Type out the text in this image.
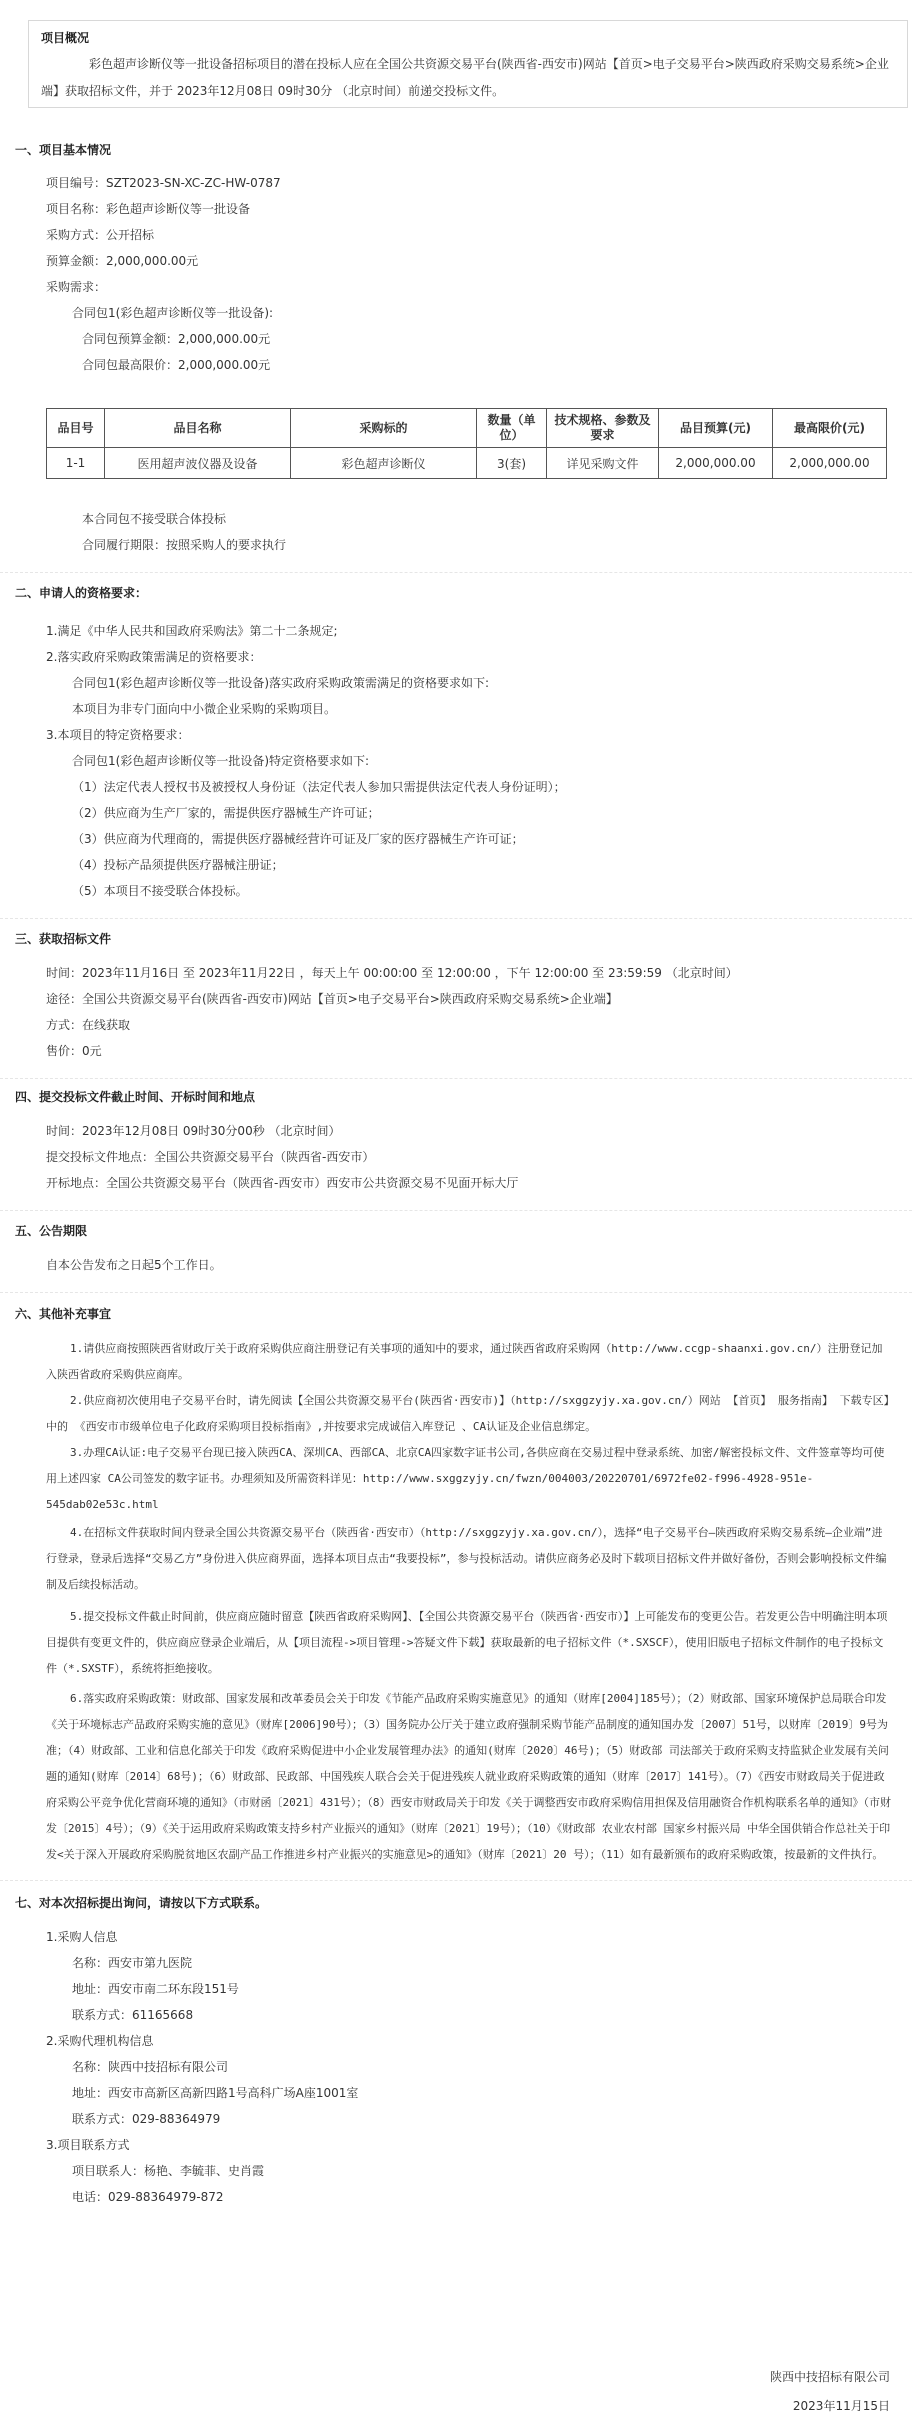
项目概况
彩色超声诊断仪等一批设备招标项目的潜在投标人应在全国公共资源交易平台(陕西省-西安市)网站【首页>电子交易平台>陕西政府采购交易系统>企业端】获取招标文件，并于 2023年12月08日 09时30分 （北京时间）前递交投标文件。
一、项目基本情况
项目编号：SZT2023-SN-XC-ZC-HW-0787
项目名称：彩色超声诊断仪等一批设备
采购方式：公开招标
预算金额：2,000,000.00元
采购需求：
合同包1(彩色超声诊断仪等一批设备):
合同包预算金额：2,000,000.00元
合同包最高限价：2,000,000.00元
品目号	品目名称	采购标的	数量（单位）	技术规格、参数及要求	品目预算(元)	最高限价(元)
1-1	医用超声波仪器及设备	彩色超声诊断仪	3(套)	详见采购文件	2,000,000.00	2,000,000.00
本合同包不接受联合体投标
合同履行期限：按照采购人的要求执行
二、申请人的资格要求：
1.满足《中华人民共和国政府采购法》第二十二条规定;
2.落实政府采购政策需满足的资格要求：
合同包1(彩色超声诊断仪等一批设备)落实政府采购政策需满足的资格要求如下:
本项目为非专门面向中小微企业采购的采购项目。
3.本项目的特定资格要求：
合同包1(彩色超声诊断仪等一批设备)特定资格要求如下:
（1）法定代表人授权书及被授权人身份证（法定代表人参加只需提供法定代表人身份证明）；
（2）供应商为生产厂家的，需提供医疗器械生产许可证；
（3）供应商为代理商的，需提供医疗器械经营许可证及厂家的医疗器械生产许可证；
（4）投标产品须提供医疗器械注册证；
（5）本项目不接受联合体投标。
三、获取招标文件
时间：2023年11月16日 至 2023年11月22日 ，每天上午 00:00:00 至 12:00:00 ，下午 12:00:00 至 23:59:59 （北京时间）
途径：全国公共资源交易平台(陕西省-西安市)网站【首页>电子交易平台>陕西政府采购交易系统>企业端】
方式：在线获取
售价：0元
四、提交投标文件截止时间、开标时间和地点
时间：2023年12月08日 09时30分00秒 （北京时间）
提交投标文件地点：全国公共资源交易平台（陕西省-西安市）
开标地点：全国公共资源交易平台（陕西省-西安市）西安市公共资源交易不见面开标大厅
五、公告期限
自本公告发布之日起5个工作日。
六、其他补充事宜
1.请供应商按照陕西省财政厅关于政府采购供应商注册登记有关事项的通知中的要求，通过陕西省政府采购网（http://www.ccgp-shaanxi.gov.cn/）注册登记加入陕西省政府采购供应商库。
2.供应商初次使用电子交易平台时，请先阅读【全国公共资源交易平台(陕西省·西安市)】（http://sxggzyjy.xa.gov.cn/）网站 【首页】 服务指南】 下载专区】中的 《西安市市级单位电子化政府采购项目投标指南》,并按要求完成诚信入库登记 、CA认证及企业信息绑定。
3.办理CA认证:电子交易平台现已接入陕西CA、深圳CA、西部CA、北京CA四家数字证书公司,各供应商在交易过程中登录系统、加密/解密投标文件、文件签章等均可使用上述四家 CA公司签发的数字证书。办理须知及所需资料详见：http://www.sxggzyjy.cn/fwzn/004003/20220701/6972fe02-f996-4928-951e-545dab02e53c.html
4.在招标文件获取时间内登录全国公共资源交易平台（陕西省·西安市）（http://sxggzyjy.xa.gov.cn/），选择“电子交易平台—陕西政府采购交易系统—企业端”进行登录，登录后选择“交易乙方”身份进入供应商界面，选择本项目点击“我要投标”，参与投标活动。请供应商务必及时下载项目招标文件并做好备份，否则会影响投标文件编制及后续投标活动。
5.提交投标文件截止时间前，供应商应随时留意【陕西省政府采购网】、【全国公共资源交易平台（陕西省·西安市）】上可能发布的变更公告。若发更公告中明确注明本项目提供有变更文件的，供应商应登录企业端后，从【项目流程->项目管理->答疑文件下载】获取最新的电子招标文件（*.SXSCF），使用旧版电子招标文件制作的电子投标文件（*.SXSTF），系统将拒绝接收。
6.落实政府采购政策：财政部、国家发展和改革委员会关于印发《节能产品政府采购实施意见》的通知（财库[2004]185号）；（2）财政部、国家环境保护总局联合印发《关于环境标志产品政府采购实施的意见》（财库[2006]90号）；（3）国务院办公厅关于建立政府强制采购节能产品制度的通知国办发〔2007〕51号，以财库〔2019〕9号为准；（4）财政部、工业和信息化部关于印发《政府采购促进中小企业发展管理办法》的通知(财库〔2020〕46号)；（5）财政部 司法部关于政府采购支持监狱企业发展有关问题的通知(财库〔2014〕68号)；（6）财政部、民政部、中国残疾人联合会关于促进残疾人就业政府采购政策的通知（财库〔2017〕141号）。（7）《西安市财政局关于促进政府采购公平竞争优化营商环境的通知》（市财函〔2021〕431号）；（8）西安市财政局关于印发《关于调整西安市政府采购信用担保及信用融资合作机构联系名单的通知》（市财发〔2015〕4号）；（9）《关于运用政府采购政策支持乡村产业振兴的通知》（财库〔2021〕19号）；（10）《财政部 农业农村部 国家乡村振兴局 中华全国供销合作总社关于印发<关于深入开展政府采购脱贫地区农副产品工作推进乡村产业振兴的实施意见>的通知》（财库〔2021〕20 号）；（11）如有最新颁布的政府采购政策，按最新的文件执行。
七、对本次招标提出询问，请按以下方式联系。
1.采购人信息
名称：西安市第九医院
地址：西安市南二环东段151号
联系方式：61165668
2.采购代理机构信息
名称：陕西中技招标有限公司
地址：西安市高新区高新四路1号高科广场A座1001室
联系方式：029-88364979
3.项目联系方式
项目联系人：杨艳、李毓菲、史肖霞
电话：029-88364979-872
陕西中技招标有限公司
2023年11月15日
